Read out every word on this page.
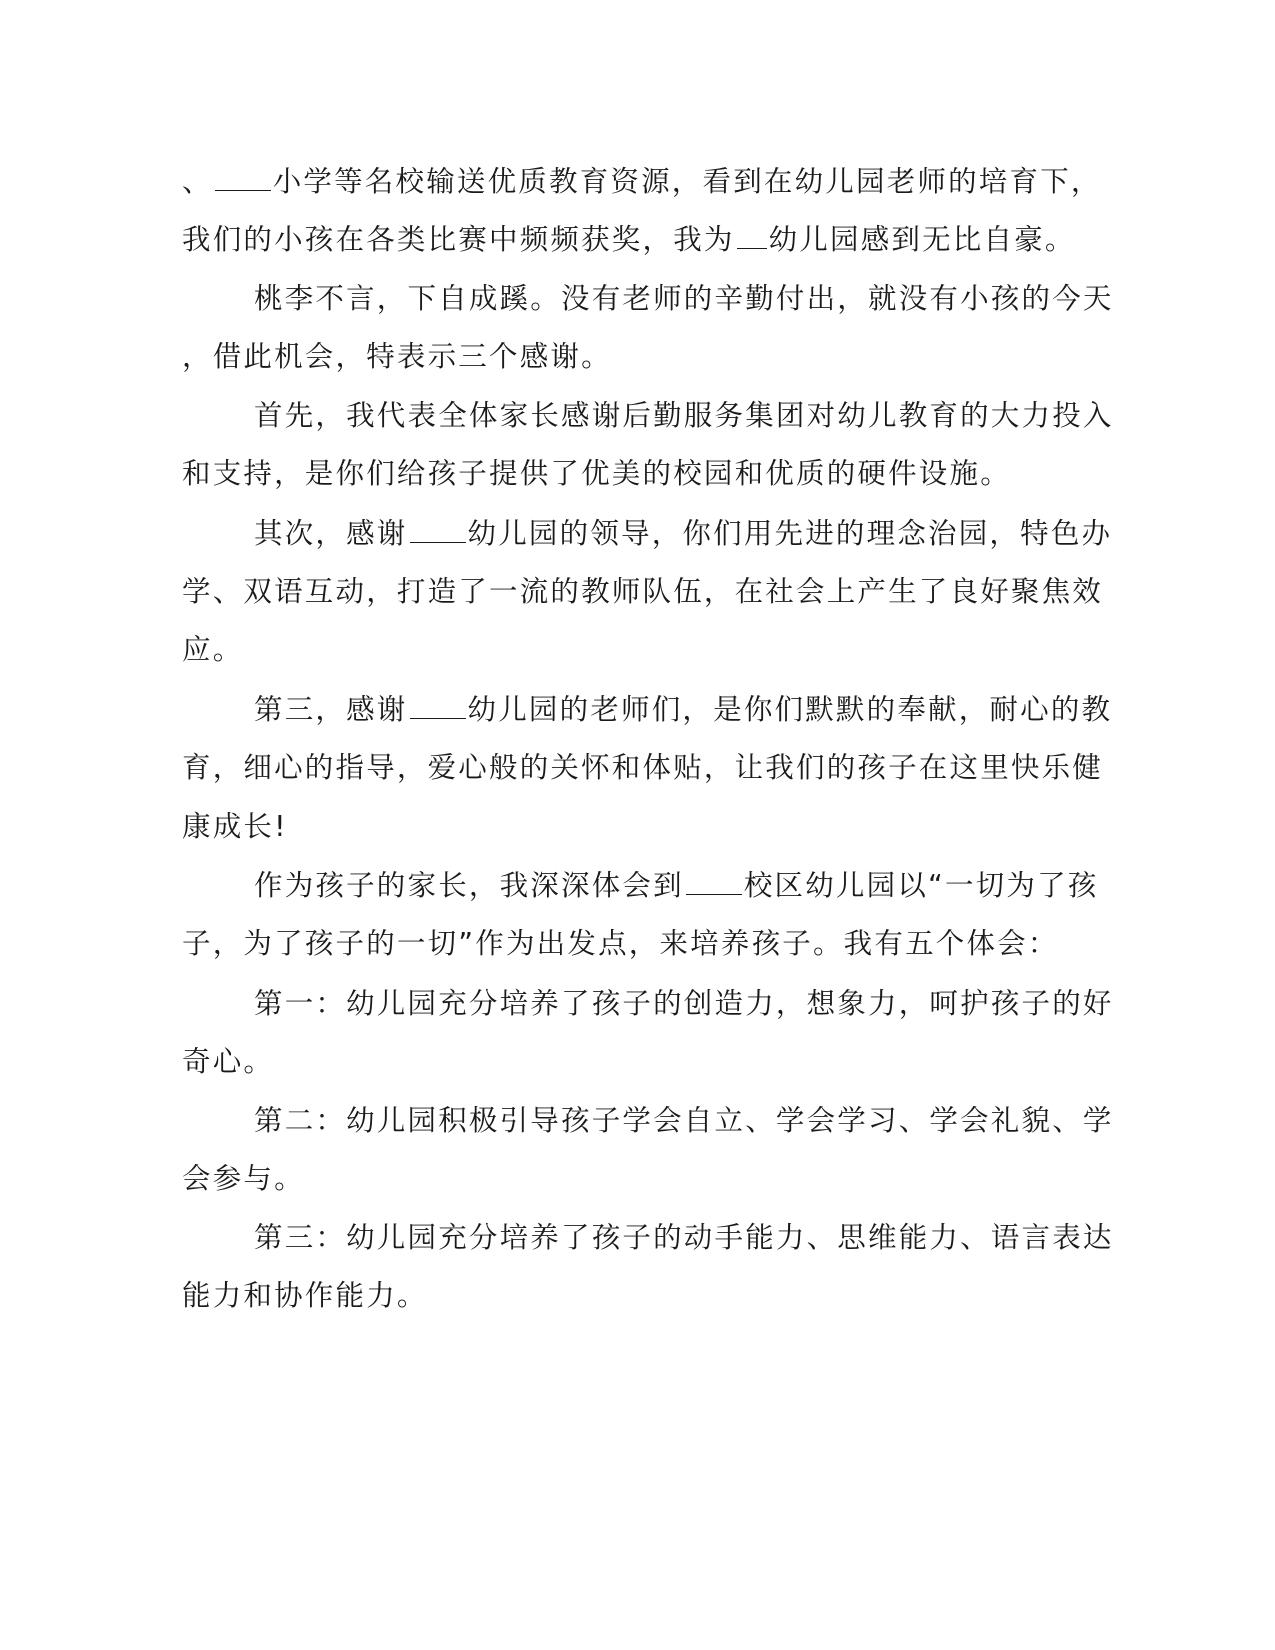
、 小学等名校输送优质教育资源，看到在幼儿园老师的培育下，
我们的小孩在各类比赛中频频获奖，我为 幼儿园感到无比自豪。
桃李不言，下自成蹊。没有老师的辛勤付出，就没有小孩的今天
，借此机会，特表示三个感谢。
首先，我代表全体家长感谢后勤服务集团对幼儿教育的大力投入
和支持，是你们给孩子提供了优美的校园和优质的硬件设施。
其次，感谢 幼儿园的领导，你们用先进的理念治园，特色办
学、双语互动，打造了一流的教师队伍，在社会上产生了良好聚焦效
应。
第三，感谢 幼儿园的老师们，是你们默默的奉献，耐心的教
育，细心的指导，爱心般的关怀和体贴，让我们的孩子在这里快乐健
康成长!
作为孩子的家长，我深深体会到 校区幼儿园以“一切为了孩
子，为了孩子的一切”作为出发点，来培养孩子。我有五个体会：
第一：幼儿园充分培养了孩子的创造力，想象力，呵护孩子的好
奇心。
第二：幼儿园积极引导孩子学会自立、学会学习、学会礼貌、学
会参与。
第三：幼儿园充分培养了孩子的动手能力、思维能力、语言表达
能力和协作能力。
